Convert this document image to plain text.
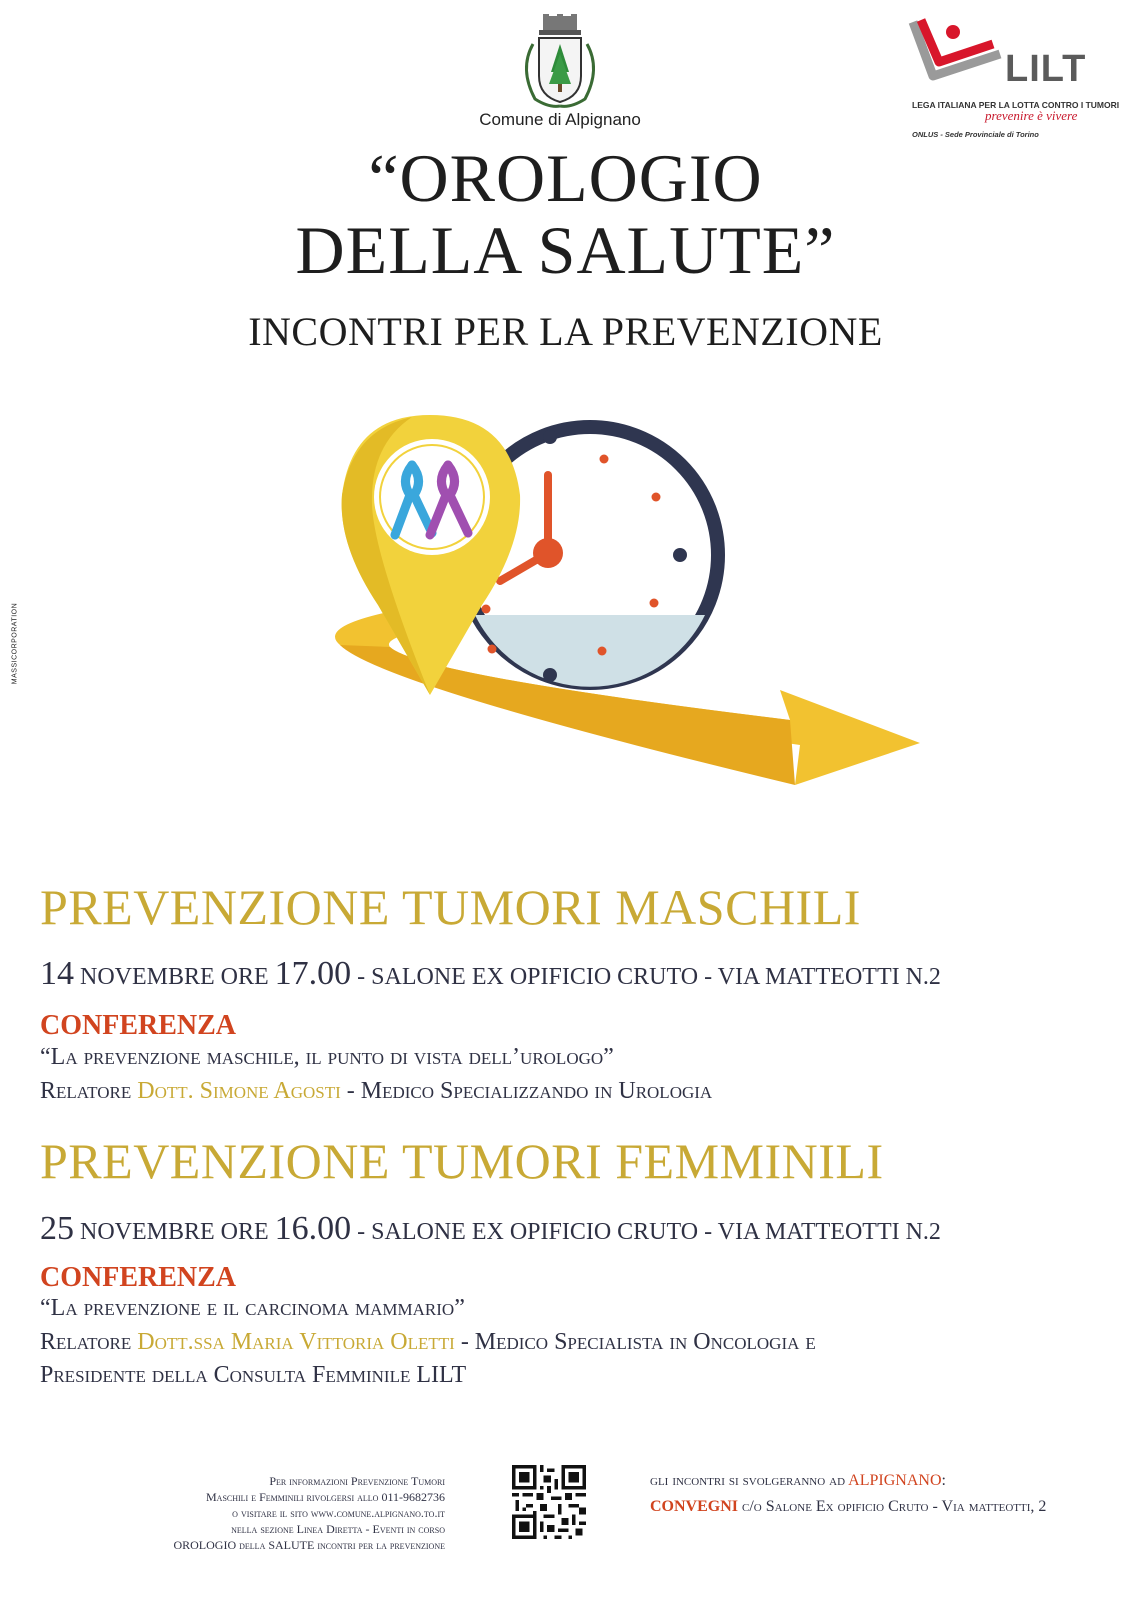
Comune di Alpignano
LILT
LEGA ITALIANA PER LA LOTTA CONTRO I TUMORI
prevenire è vivere
ONLUS - Sede Provinciale di Torino
“OROLOGIO
DELLA SALUTE”
INCONTRI PER LA PREVENZIONE
MASSICORPORATION
PREVENZIONE TUMORI MASCHILI
14 NOVEMBRE ORE 17.00 - SALONE EX OPIFICIO CRUTO - VIA MATTEOTTI N.2
CONFERENZA
“La prevenzione maschile, il punto di vista dell’urologo”
Relatore Dott. Simone Agosti - Medico Specializzando in Urologia
PREVENZIONE TUMORI FEMMINILI
25 NOVEMBRE ORE 16.00 - SALONE EX OPIFICIO CRUTO - VIA MATTEOTTI N.2
CONFERENZA
“La prevenzione e il carcinoma mammario”
Relatore Dott.ssa Maria Vittoria Oletti - Medico Specialista in Oncologia e
Presidente della Consulta Femminile LILT
Per informazioni Prevenzione Tumori
Maschili e Femminili rivolgersi allo 011-9682736
o visitare il sito www.comune.alpignano.to.it
nella sezione Linea Diretta - Eventi in corso
OROLOGIO della SALUTE incontri per la prevenzione
gli incontri si svolgeranno ad ALPIGNANO:
CONVEGNI c/o Salone Ex opificio Cruto - Via matteotti, 2
